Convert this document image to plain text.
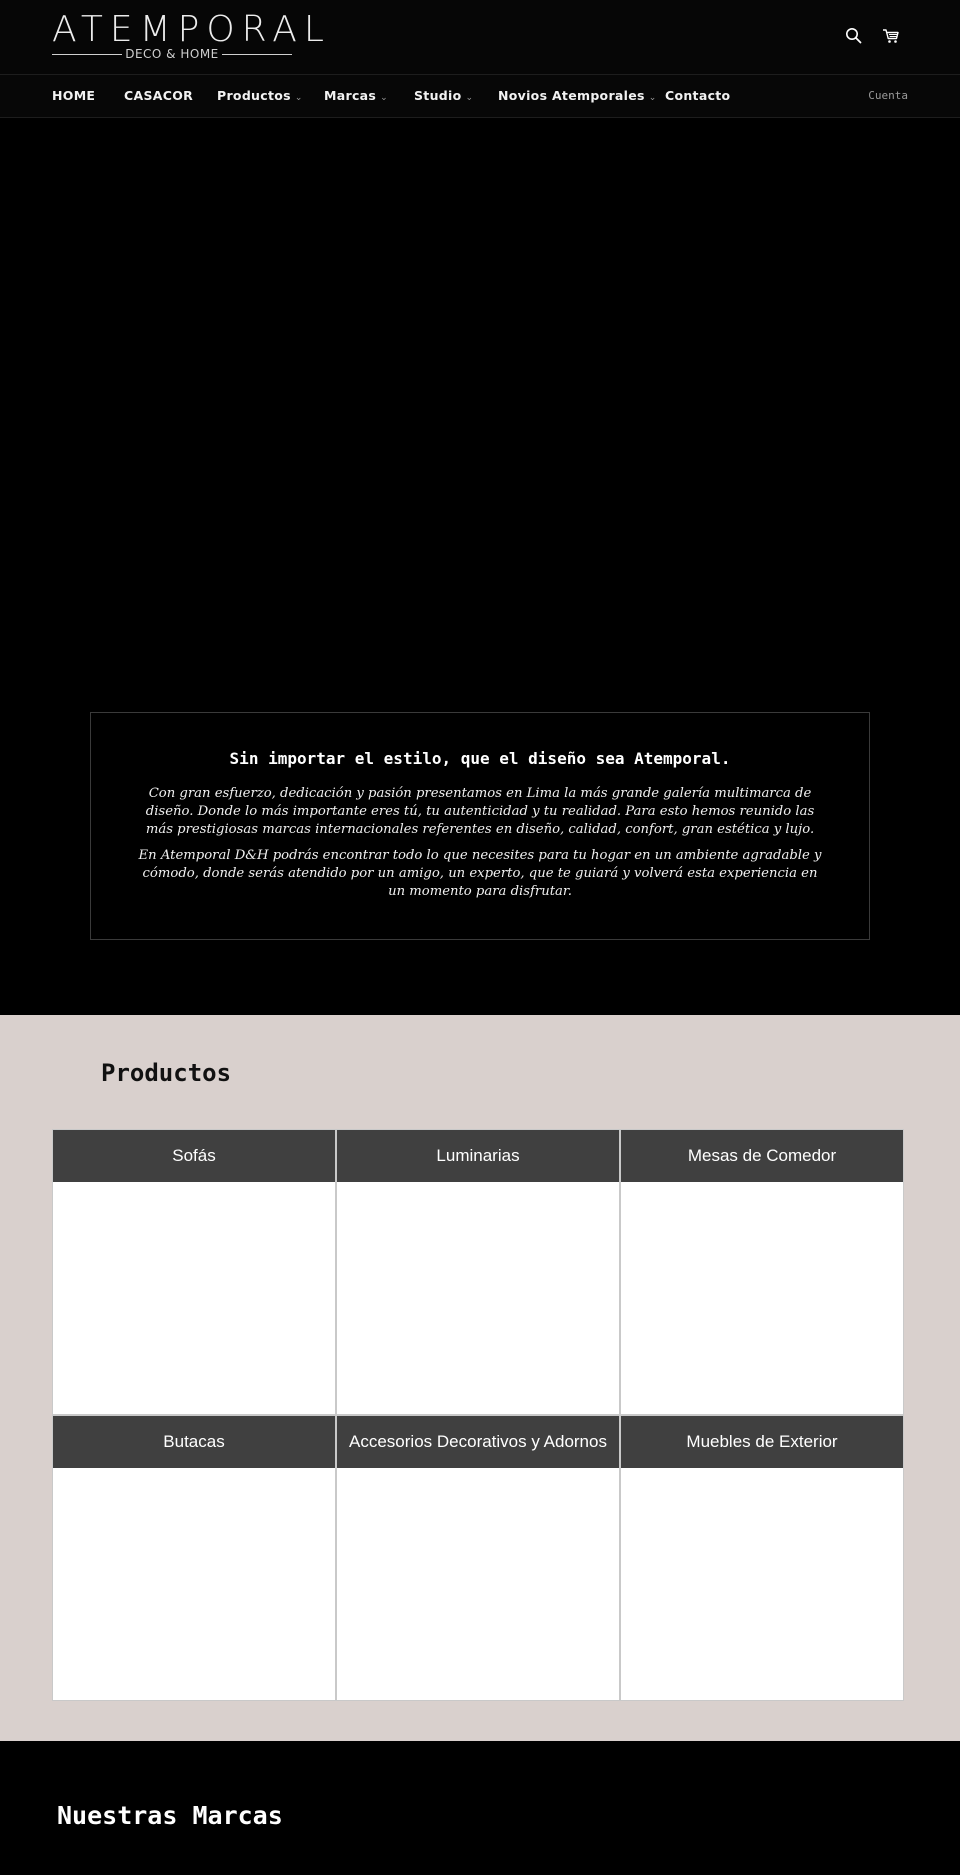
ATEMPORAL
DECO & HOME
HOME CASACOR Productos ⌄ Marcas ⌄ Studio ⌄ Novios Atemporales ⌄ Contacto	Cuenta
Sin importar el estilo, que el diseño sea Atemporal.
Con gran esfuerzo, dedicación y pasión presentamos en Lima la más grande galería multimarca de diseño. Donde lo más importante eres tú, tu autenticidad y tu realidad. Para esto hemos reunido las más prestigiosas marcas internacionales referentes en diseño, calidad, confort, gran estética y lujo.
En Atemporal D&H podrás encontrar todo lo que necesites para tu hogar en un ambiente agradable y cómodo, donde serás atendido por un amigo, un experto, que te guiará y volverá esta experiencia en un momento para disfrutar.
Productos
Sofás	Luminarias	Mesas de Comedor
Butacas	Accesorios Decorativos y Adornos	Muebles de Exterior
Nuestras Marcas
